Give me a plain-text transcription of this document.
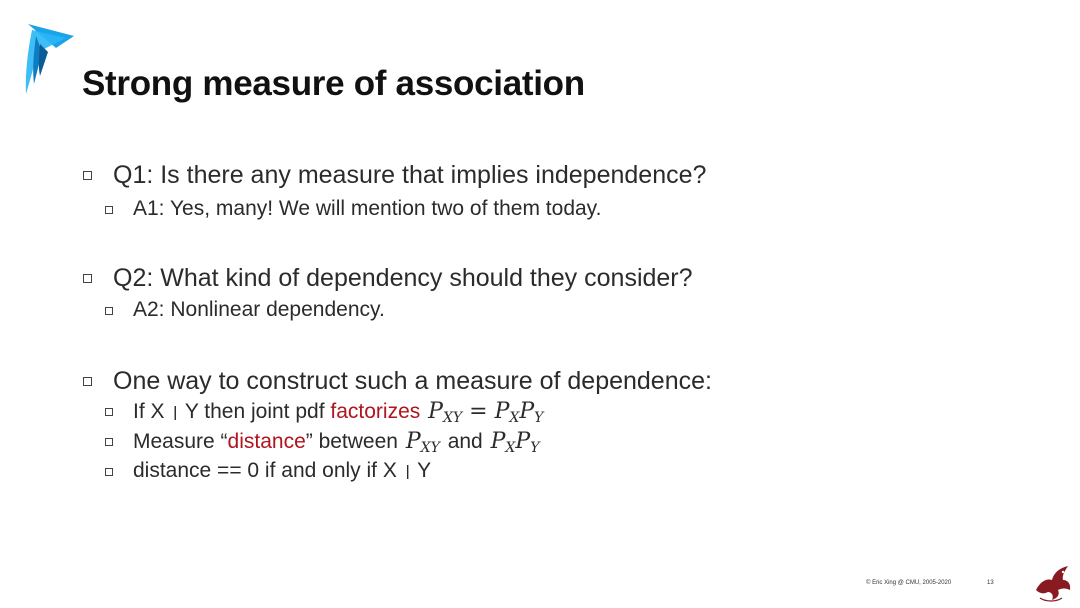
Strong measure of association
Q1: Is there any measure that implies independence?
A1: Yes, many! We will mention two of them today.
Q2: What kind of dependency should they consider?
A2: Nonlinear dependency.
One way to construct such a measure of dependence:
If X Y then joint pdf factorizes $P_{XY} = P_XP_Y$
Measure “distance” between $P_{XY}$ and $P_XP_Y$
distance == 0 if and only if X Y
© Eric Xing @ CMU, 2005-2020	13
